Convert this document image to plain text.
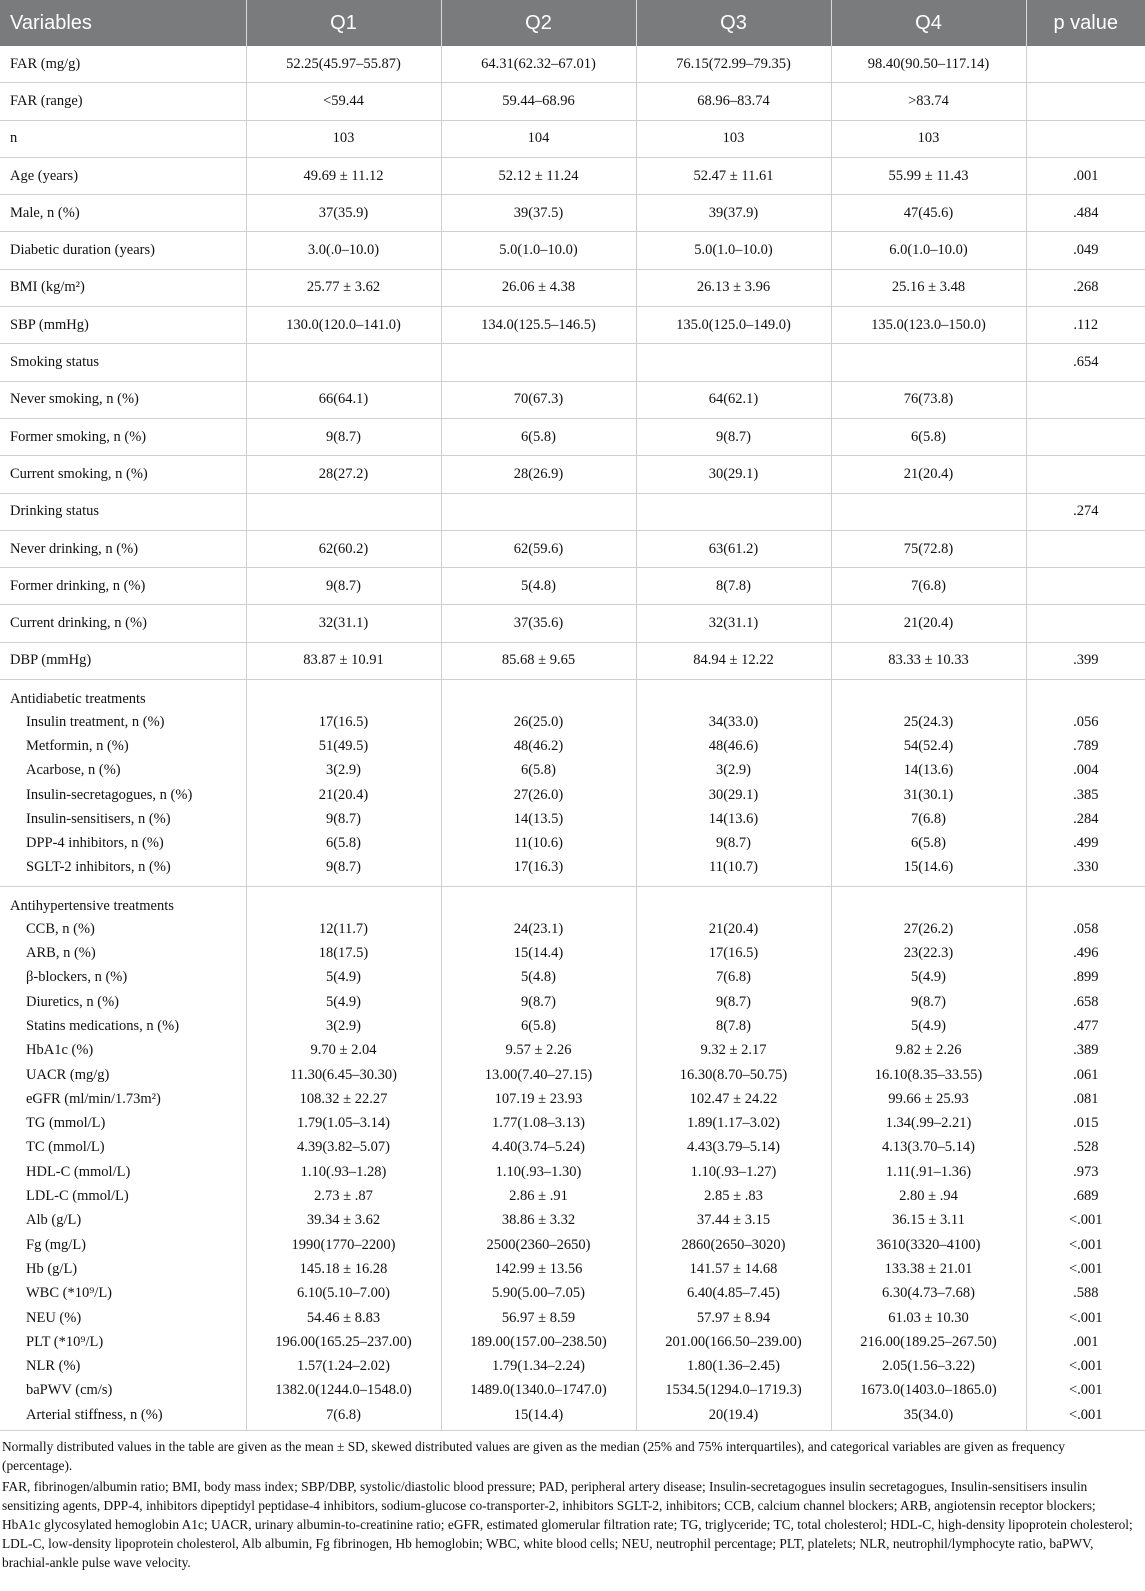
Variables	Q1	Q2	Q3	Q4	p value
FAR (mg/g)	52.25(45.97–55.87)	64.31(62.32–67.01)	76.15(72.99–79.35)	98.40(90.50–117.14)	
FAR (range)	<59.44	59.44–68.96	68.96–83.74	>83.74	
n	103	104	103	103	
Age (years)	49.69 ± 11.12	52.12 ± 11.24	52.47 ± 11.61	55.99 ± 11.43	.001
Male, n (%)	37(35.9)	39(37.5)	39(37.9)	47(45.6)	.484
Diabetic duration (years)	3.0(.0–10.0)	5.0(1.0–10.0)	5.0(1.0–10.0)	6.0(1.0–10.0)	.049
BMI (kg/m²)	25.77 ± 3.62	26.06 ± 4.38	26.13 ± 3.96	25.16 ± 3.48	.268
SBP (mmHg)	130.0(120.0–141.0)	134.0(125.5–146.5)	135.0(125.0–149.0)	135.0(123.0–150.0)	.112
Smoking status					.654
Never smoking, n (%)	66(64.1)	70(67.3)	64(62.1)	76(73.8)	
Former smoking, n (%)	9(8.7)	6(5.8)	9(8.7)	6(5.8)	
Current smoking, n (%)	28(27.2)	28(26.9)	30(29.1)	21(20.4)	
Drinking status					.274
Never drinking, n (%)	62(60.2)	62(59.6)	63(61.2)	75(72.8)	
Former drinking, n (%)	9(8.7)	5(4.8)	8(7.8)	7(6.8)	
Current drinking, n (%)	32(31.1)	37(35.6)	32(31.1)	21(20.4)	
DBP (mmHg)	83.87 ± 10.91	85.68 ± 9.65	84.94 ± 12.22	83.33 ± 10.33	.399
Antidiabetic treatments					
Insulin treatment, n (%)	17(16.5)	26(25.0)	34(33.0)	25(24.3)	.056
Metformin, n (%)	51(49.5)	48(46.2)	48(46.6)	54(52.4)	.789
Acarbose, n (%)	3(2.9)	6(5.8)	3(2.9)	14(13.6)	.004
Insulin-secretagogues, n (%)	21(20.4)	27(26.0)	30(29.1)	31(30.1)	.385
Insulin-sensitisers, n (%)	9(8.7)	14(13.5)	14(13.6)	7(6.8)	.284
DPP-4 inhibitors, n (%)	6(5.8)	11(10.6)	9(8.7)	6(5.8)	.499
SGLT-2 inhibitors, n (%)	9(8.7)	17(16.3)	11(10.7)	15(14.6)	.330
Antihypertensive treatments					
CCB, n (%)	12(11.7)	24(23.1)	21(20.4)	27(26.2)	.058
ARB, n (%)	18(17.5)	15(14.4)	17(16.5)	23(22.3)	.496
β-blockers, n (%)	5(4.9)	5(4.8)	7(6.8)	5(4.9)	.899
Diuretics, n (%)	5(4.9)	9(8.7)	9(8.7)	9(8.7)	.658
Statins medications, n (%)	3(2.9)	6(5.8)	8(7.8)	5(4.9)	.477
HbA1c (%)	9.70 ± 2.04	9.57 ± 2.26	9.32 ± 2.17	9.82 ± 2.26	.389
UACR (mg/g)	11.30(6.45–30.30)	13.00(7.40–27.15)	16.30(8.70–50.75)	16.10(8.35–33.55)	.061
eGFR (ml/min/1.73m²)	108.32 ± 22.27	107.19 ± 23.93	102.47 ± 24.22	99.66 ± 25.93	.081
TG (mmol/L)	1.79(1.05–3.14)	1.77(1.08–3.13)	1.89(1.17–3.02)	1.34(.99–2.21)	.015
TC (mmol/L)	4.39(3.82–5.07)	4.40(3.74–5.24)	4.43(3.79–5.14)	4.13(3.70–5.14)	.528
HDL-C (mmol/L)	1.10(.93–1.28)	1.10(.93–1.30)	1.10(.93–1.27)	1.11(.91–1.36)	.973
LDL-C (mmol/L)	2.73 ± .87	2.86 ± .91	2.85 ± .83	2.80 ± .94	.689
Alb (g/L)	39.34 ± 3.62	38.86 ± 3.32	37.44 ± 3.15	36.15 ± 3.11	<.001
Fg (mg/L)	1990(1770–2200)	2500(2360–2650)	2860(2650–3020)	3610(3320–4100)	<.001
Hb (g/L)	145.18 ± 16.28	142.99 ± 13.56	141.57 ± 14.68	133.38 ± 21.01	<.001
WBC (*10⁹/L)	6.10(5.10–7.00)	5.90(5.00–7.05)	6.40(4.85–7.45)	6.30(4.73–7.68)	.588
NEU (%)	54.46 ± 8.83	56.97 ± 8.59	57.97 ± 8.94	61.03 ± 10.30	<.001
PLT (*10⁹/L)	196.00(165.25–237.00)	189.00(157.00–238.50)	201.00(166.50–239.00)	216.00(189.25–267.50)	.001
NLR (%)	1.57(1.24–2.02)	1.79(1.34–2.24)	1.80(1.36–2.45)	2.05(1.56–3.22)	<.001
baPWV (cm/s)	1382.0(1244.0–1548.0)	1489.0(1340.0–1747.0)	1534.5(1294.0–1719.3)	1673.0(1403.0–1865.0)	<.001
Arterial stiffness, n (%)	7(6.8)	15(14.4)	20(19.4)	35(34.0)	<.001

Normally distributed values in the table are given as the mean ± SD, skewed distributed values are given as the median (25% and 75% interquartiles), and categorical variables are given as frequency (percentage).

FAR, fibrinogen/albumin ratio; BMI, body mass index; SBP/DBP, systolic/diastolic blood pressure; PAD, peripheral artery disease; Insulin-secretagogues insulin secretagogues, Insulin-sensitisers insulin sensitizing agents, DPP-4, inhibitors dipeptidyl peptidase-4 inhibitors, sodium-glucose co-transporter-2, inhibitors SGLT-2, inhibitors; CCB, calcium channel blockers; ARB, angiotensin receptor blockers; HbA1c glycosylated hemoglobin A1c; UACR, urinary albumin-to-creatinine ratio; eGFR, estimated glomerular filtration rate; TG, triglyceride; TC, total cholesterol; HDL-C, high-density lipoprotein cholesterol; LDL-C, low-density lipoprotein cholesterol, Alb albumin, Fg fibrinogen, Hb hemoglobin; WBC, white blood cells; NEU, neutrophil percentage; PLT, platelets; NLR, neutrophil/lymphocyte ratio, baPWV, brachial-ankle pulse wave velocity.
